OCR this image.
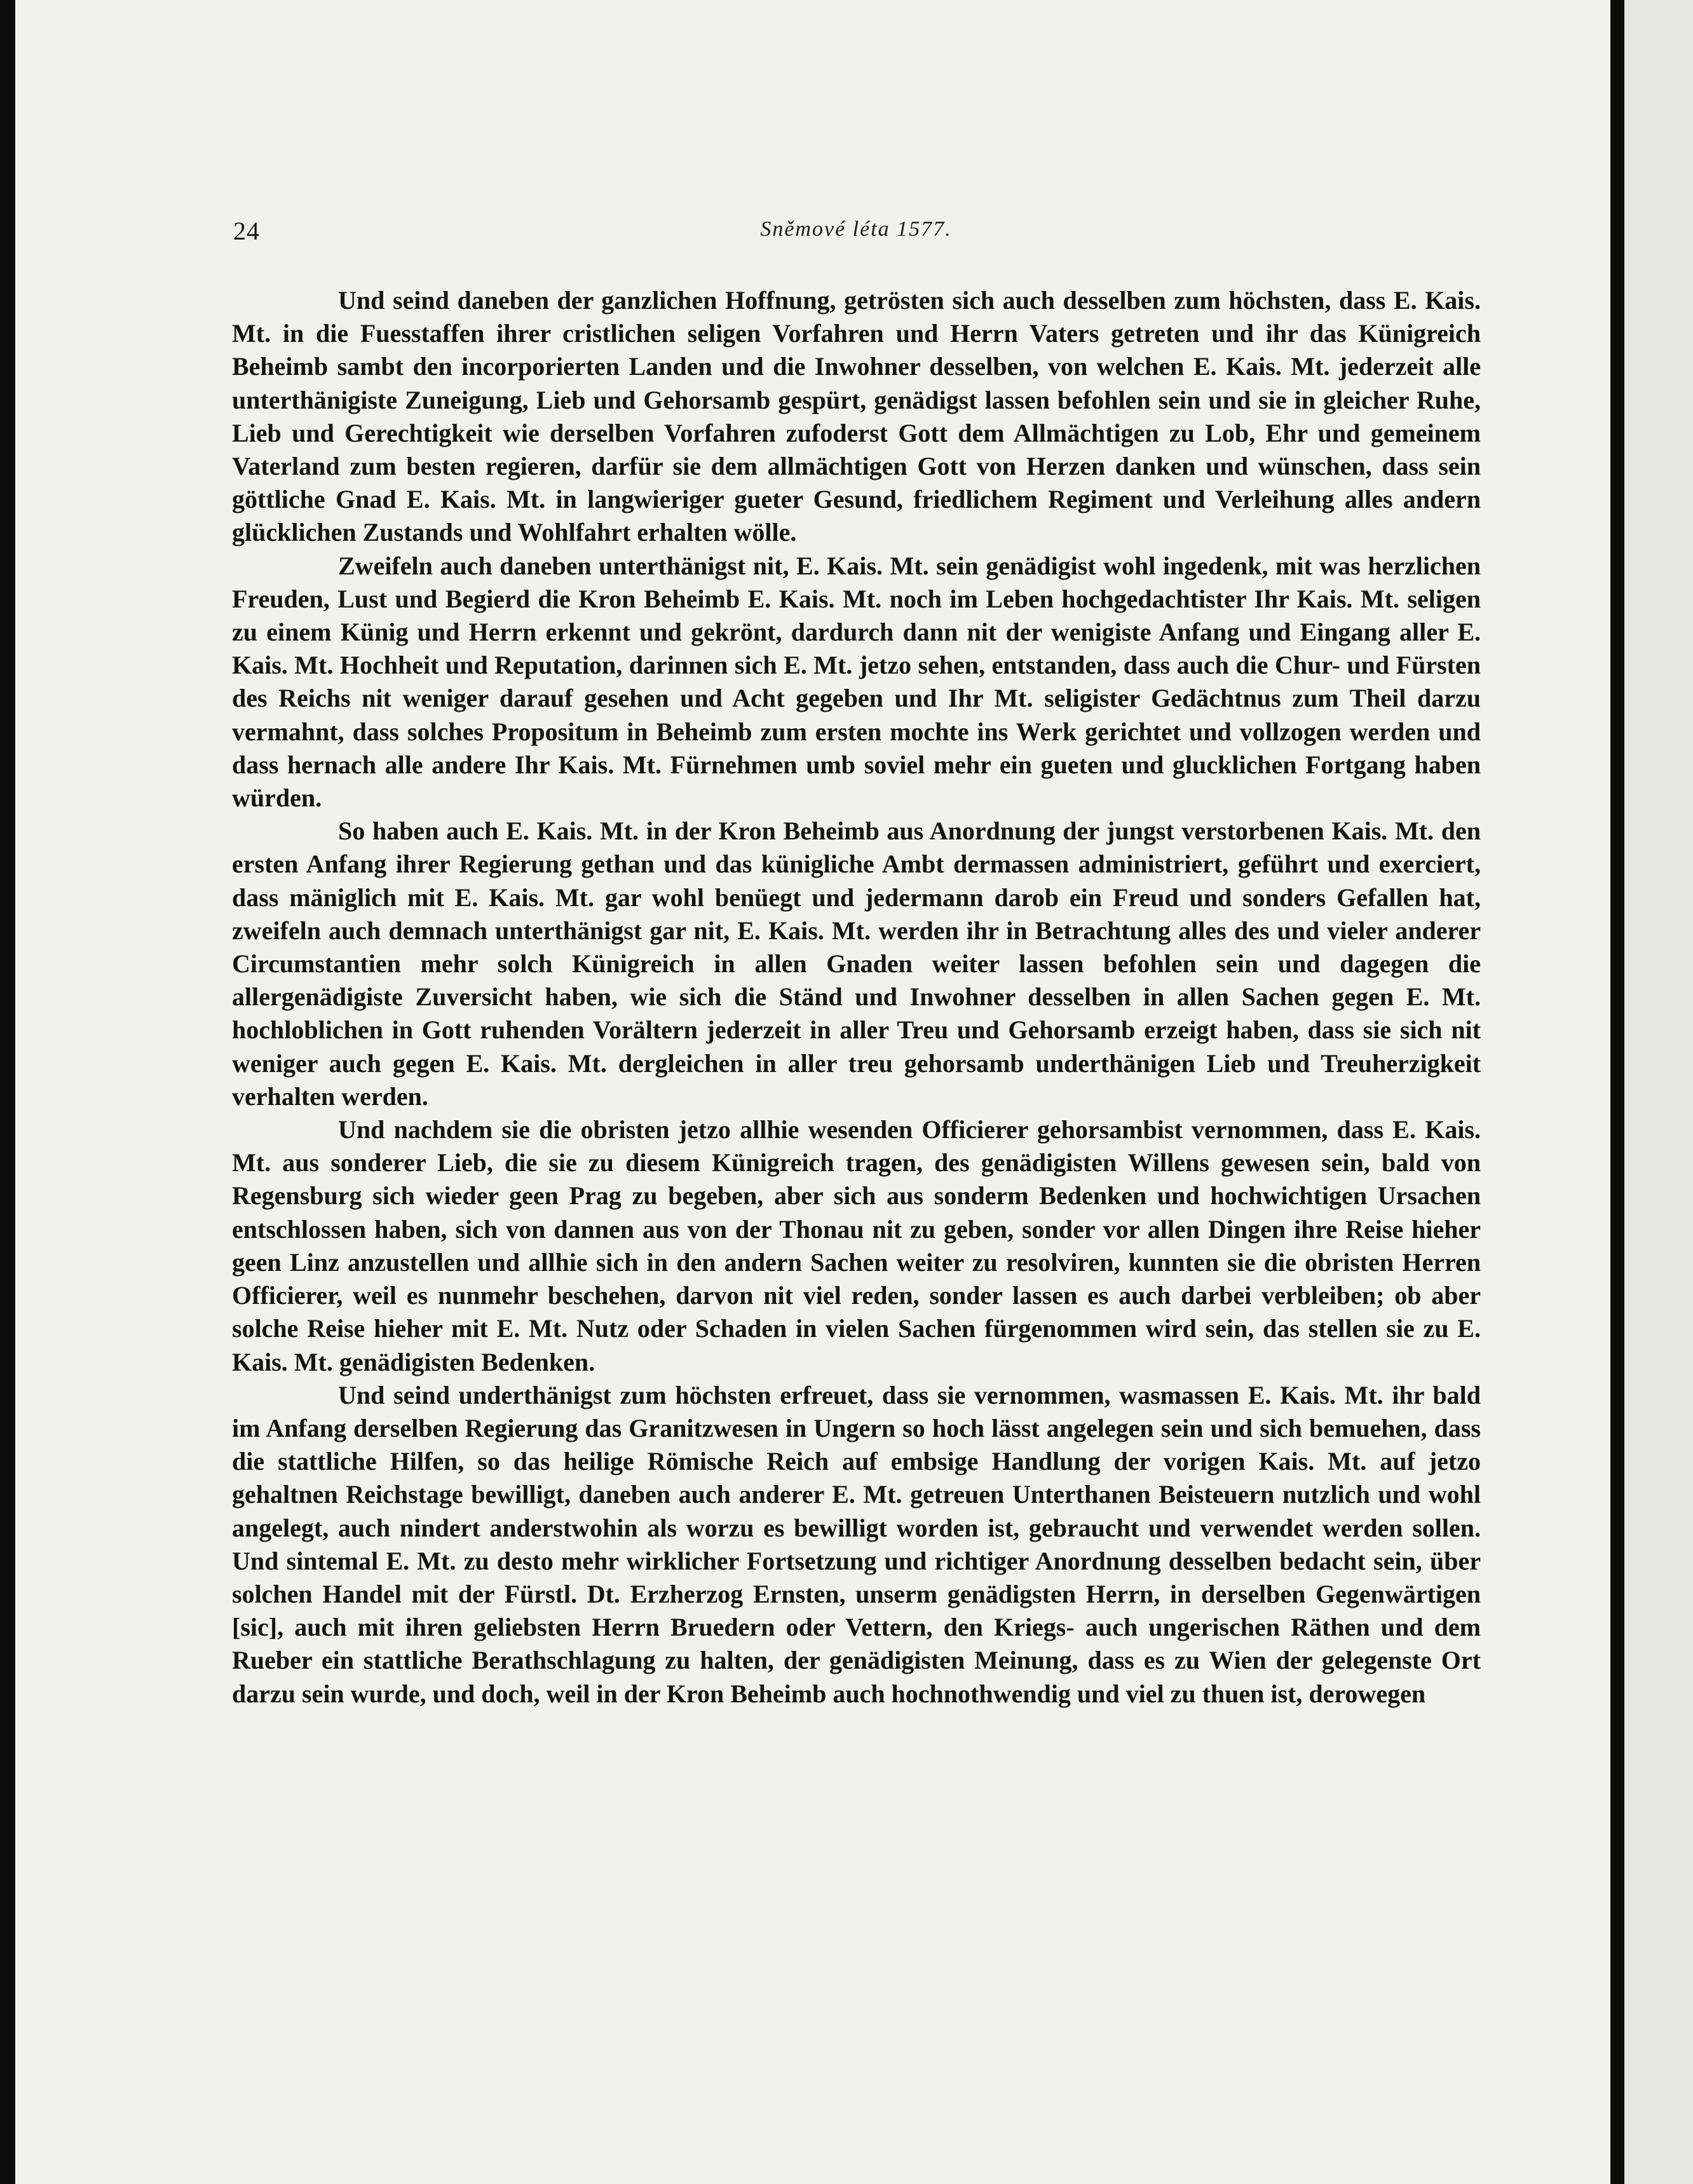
24	Sněmové léta 1577.

Und seind daneben der ganzlichen Hoffnung, getrösten sich auch desselben zum höchsten, dass E. Kais. Mt. in die Fuesstaffen ihrer cristlichen seligen Vorfahren und Herrn Vaters getreten und ihr das Künigreich Beheimb sambt den incorporierten Landen und die Inwohner desselben, von welchen E. Kais. Mt. jederzeit alle unterthänigiste Zuneigung, Lieb und Gehorsamb gespürt, genädigst lassen befohlen sein und sie in gleicher Ruhe, Lieb und Gerechtigkeit wie derselben Vorfahren zufoderst Gott dem Allmächtigen zu Lob, Ehr und gemeinem Vaterland zum besten regieren, darfür sie dem allmächtigen Gott von Herzen danken und wünschen, dass sein göttliche Gnad E. Kais. Mt. in langwieriger gueter Gesund, friedlichem Regiment und Verleihung alles andern glücklichen Zustands und Wohlfahrt erhalten wölle.

Zweifeln auch daneben unterthänigst nit, E. Kais. Mt. sein genädigist wohl ingedenk, mit was herzlichen Freuden, Lust und Begierd die Kron Beheimb E. Kais. Mt. noch im Leben hochgedachtister Ihr Kais. Mt. seligen zu einem Künig und Herrn erkennt und gekrönt, dardurch dann nit der wenigiste Anfang und Eingang aller E. Kais. Mt. Hochheit und Reputation, darinnen sich E. Mt. jetzo sehen, entstanden, dass auch die Chur- und Fürsten des Reichs nit weniger darauf gesehen und Acht gegeben und Ihr Mt. seligister Gedächtnus zum Theil darzu vermahnt, dass solches Propositum in Beheimb zum ersten mochte ins Werk gerichtet und vollzogen werden und dass hernach alle andere Ihr Kais. Mt. Fürnehmen umb soviel mehr ein gueten und glucklichen Fortgang haben würden.

So haben auch E. Kais. Mt. in der Kron Beheimb aus Anordnung der jungst verstorbenen Kais. Mt. den ersten Anfang ihrer Regierung gethan und das künigliche Ambt dermassen administriert, geführt und exerciert, dass mäniglich mit E. Kais. Mt. gar wohl benüegt und jedermann darob ein Freud und sonders Gefallen hat, zweifeln auch demnach unterthänigst gar nit, E. Kais. Mt. werden ihr in Betrachtung alles des und vieler anderer Circumstantien mehr solch Künigreich in allen Gnaden weiter lassen befohlen sein und dagegen die allergenädigiste Zuversicht haben, wie sich die Ständ und Inwohner desselben in allen Sachen gegen E. Mt. hochloblichen in Gott ruhenden Vorältern jederzeit in aller Treu und Gehorsamb erzeigt haben, dass sie sich nit weniger auch gegen E. Kais. Mt. dergleichen in aller treu gehorsamb underthänigen Lieb und Treuherzigkeit verhalten werden.

Und nachdem sie die obristen jetzo allhie wesenden Officierer gehorsambist vernommen, dass E. Kais. Mt. aus sonderer Lieb, die sie zu diesem Künigreich tragen, des genädigisten Willens gewesen sein, bald von Regensburg sich wieder geen Prag zu begeben, aber sich aus sonderm Bedenken und hochwichtigen Ursachen entschlossen haben, sich von dannen aus von der Thonau nit zu geben, sonder vor allen Dingen ihre Reise hieher geen Linz anzustellen und allhie sich in den andern Sachen weiter zu resolviren, kunnten sie die obristen Herren Officierer, weil es nunmehr beschehen, darvon nit viel reden, sonder lassen es auch darbei verbleiben; ob aber solche Reise hieher mit E. Mt. Nutz oder Schaden in vielen Sachen fürgenommen wird sein, das stellen sie zu E. Kais. Mt. genädigisten Bedenken.

Und seind underthänigst zum höchsten erfreuet, dass sie vernommen, wasmassen E. Kais. Mt. ihr bald im Anfang derselben Regierung das Granitzwesen in Ungern so hoch lässt angelegen sein und sich bemuehen, dass die stattliche Hilfen, so das heilige Römische Reich auf embsige Handlung der vorigen Kais. Mt. auf jetzo gehaltnen Reichstage bewilligt, daneben auch anderer E. Mt. getreuen Unterthanen Beisteuern nutzlich und wohl angelegt, auch nindert anderstwohin als worzu es bewilligt worden ist, gebraucht und verwendet werden sollen. Und sintemal E. Mt. zu desto mehr wirklicher Fortsetzung und richtiger Anordnung desselben bedacht sein, über solchen Handel mit der Fürstl. Dt. Erzherzog Ernsten, unserm genädigsten Herrn, in derselben Gegenwärtigen [sic], auch mit ihren geliebsten Herrn Bruedern oder Vettern, den Kriegs- auch ungerischen Räthen und dem Rueber ein stattliche Berathschlagung zu halten, der genädigisten Meinung, dass es zu Wien der gelegenste Ort darzu sein wurde, und doch, weil in der Kron Beheimb auch hochnothwendig und viel zu thuen ist, derowegen
